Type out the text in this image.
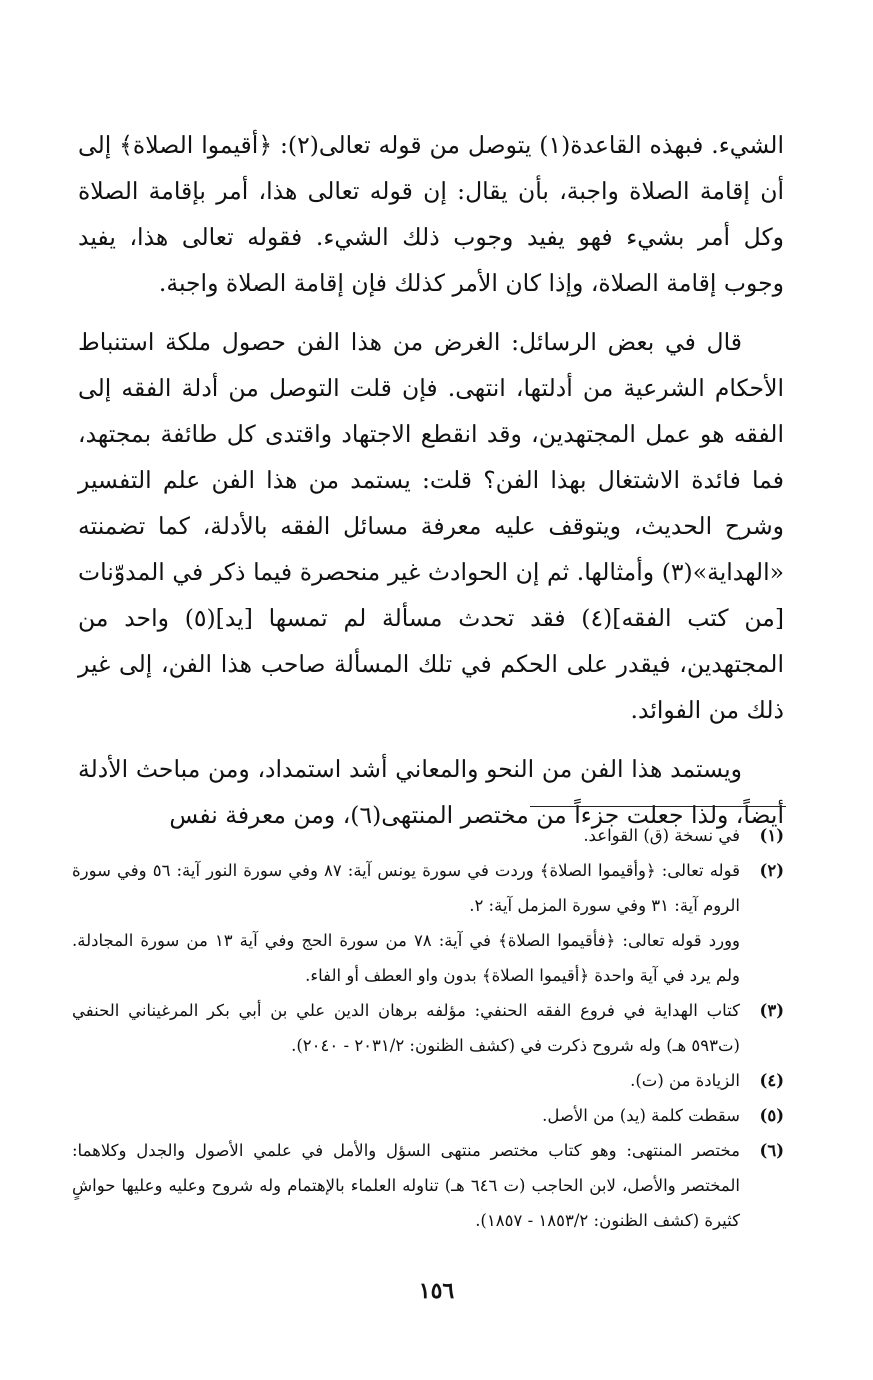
الشيء. فبهذه القاعدة(١) يتوصل من قوله تعالى(٢): ﴿أقيموا الصلاة﴾ إلى أن إقامة الصلاة واجبة، بأن يقال: إن قوله تعالى هذا، أمر بإقامة الصلاة وكل أمر بشيء فهو يفيد وجوب ذلك الشيء. فقوله تعالى هذا، يفيد وجوب إقامة الصلاة، وإذا كان الأمر كذلك فإن إقامة الصلاة واجبة.

قال في بعض الرسائل: الغرض من هذا الفن حصول ملكة استنباط الأحكام الشرعية من أدلتها، انتهى. فإن قلت التوصل من أدلة الفقه إلى الفقه هو عمل المجتهدين، وقد انقطع الاجتهاد واقتدى كل طائفة بمجتهد، فما فائدة الاشتغال بهذا الفن؟ قلت: يستمد من هذا الفن علم التفسير وشرح الحديث، ويتوقف عليه معرفة مسائل الفقه بالأدلة، كما تضمنته «الهداية»(٣) وأمثالها. ثم إن الحوادث غير منحصرة فيما ذكر في المدوّنات [من كتب الفقه](٤) فقد تحدث مسألة لم تمسها [يد](٥) واحد من المجتهدين، فيقدر على الحكم في تلك المسألة صاحب هذا الفن، إلى غير ذلك من الفوائد.

ويستمد هذا الفن من النحو والمعاني أشد استمداد، ومن مباحث الأدلة أيضاً، ولذا جعلت جزءاً من مختصر المنتهى(٦)، ومن معرفة نفس

(١)
في نسخة (ق) القواعد.
(٢)
قوله تعالى: ﴿وأقيموا الصلاة﴾ وردت في سورة يونس آية: ٨٧ وفي سورة النور آية: ٥٦ وفي سورة الروم آية: ٣١ وفي سورة المزمل آية: ٢.
وورد قوله تعالى: ﴿فأقيموا الصلاة﴾ في آية: ٧٨ من سورة الحج وفي آية ١٣ من سورة المجادلة. ولم يرد في آية واحدة ﴿أقيموا الصلاة﴾ بدون واو العطف أو الفاء.
(٣)
كتاب الهداية في فروع الفقه الحنفي: مؤلفه برهان الدين علي بن أبي بكر المرغيناني الحنفي (ت٥٩٣ هـ) وله شروح ذكرت في (كشف الظنون: ٢٠٣١/٢ - ٢٠٤٠).
(٤)
الزيادة من (ت).
(٥)
سقطت كلمة (يد) من الأصل.
(٦)
مختصر المنتهى: وهو كتاب مختصر منتهى السؤل والأمل في علمي الأصول والجدل وكلاهما: المختصر والأصل، لابن الحاجب (ت ٦٤٦ هـ) تناوله العلماء بالإهتمام وله شروح وعليه وعليها حواشٍ كثيرة (كشف الظنون: ١٨٥٣/٢ - ١٨٥٧).
١٥٦
